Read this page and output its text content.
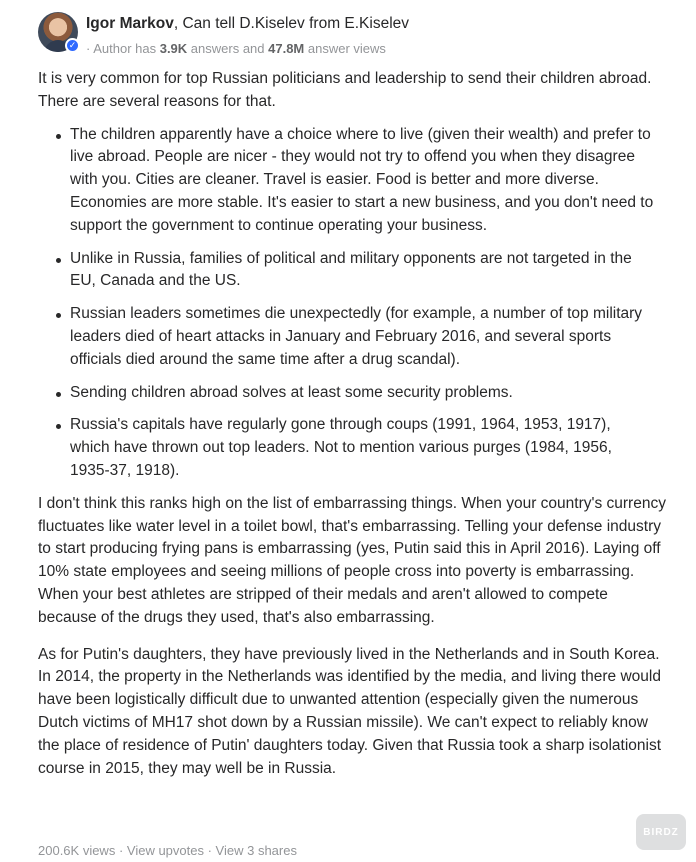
✓
Igor Markov, Can tell D.Kiselev from E.Kiselev
· Author has 3.9K answers and 47.8M answer views

It is very common for top Russian politicians and leadership to send their children abroad. There are several reasons for that.

The children apparently have a choice where to live (given their wealth) and prefer to live abroad. People are nicer - they would not try to offend you when they disagree with you. Cities are cleaner. Travel is easier. Food is better and more diverse. Economies are more stable. It's easier to start a new business, and you don't need to support the government to continue operating your business.
Unlike in Russia, families of political and military opponents are not targeted in the EU, Canada and the US.
Russian leaders sometimes die unexpectedly (for example, a number of top military leaders died of heart attacks in January and February 2016, and several sports officials died around the same time after a drug scandal).
Sending children abroad solves at least some security problems.
Russia's capitals have regularly gone through coups (1991, 1964, 1953, 1917), which have thrown out top leaders. Not to mention various purges (1984, 1956, 1935-37, 1918).

I don't think this ranks high on the list of embarrassing things. When your country's currency fluctuates like water level in a toilet bowl, that's embarrassing. Telling your defense industry to start producing frying pans is embarrassing (yes, Putin said this in April 2016). Laying off 10% state employees and seeing millions of people cross into poverty is embarrassing. When your best athletes are stripped of their medals and aren't allowed to compete because of the drugs they used, that's also embarrassing.

As for Putin's daughters, they have previously lived in the Netherlands and in South Korea. In 2014, the property in the Netherlands was identified by the media, and living there would have been logistically difficult due to unwanted attention (especially given the numerous Dutch victims of MH17 shot down by a Russian missile). We can't expect to reliably know the place of residence of Putin' daughters today. Given that Russia took a sharp isolationist course in 2015, they may well be in Russia.

200.6K views · View upvotes · View 3 shares
BIRDZ
